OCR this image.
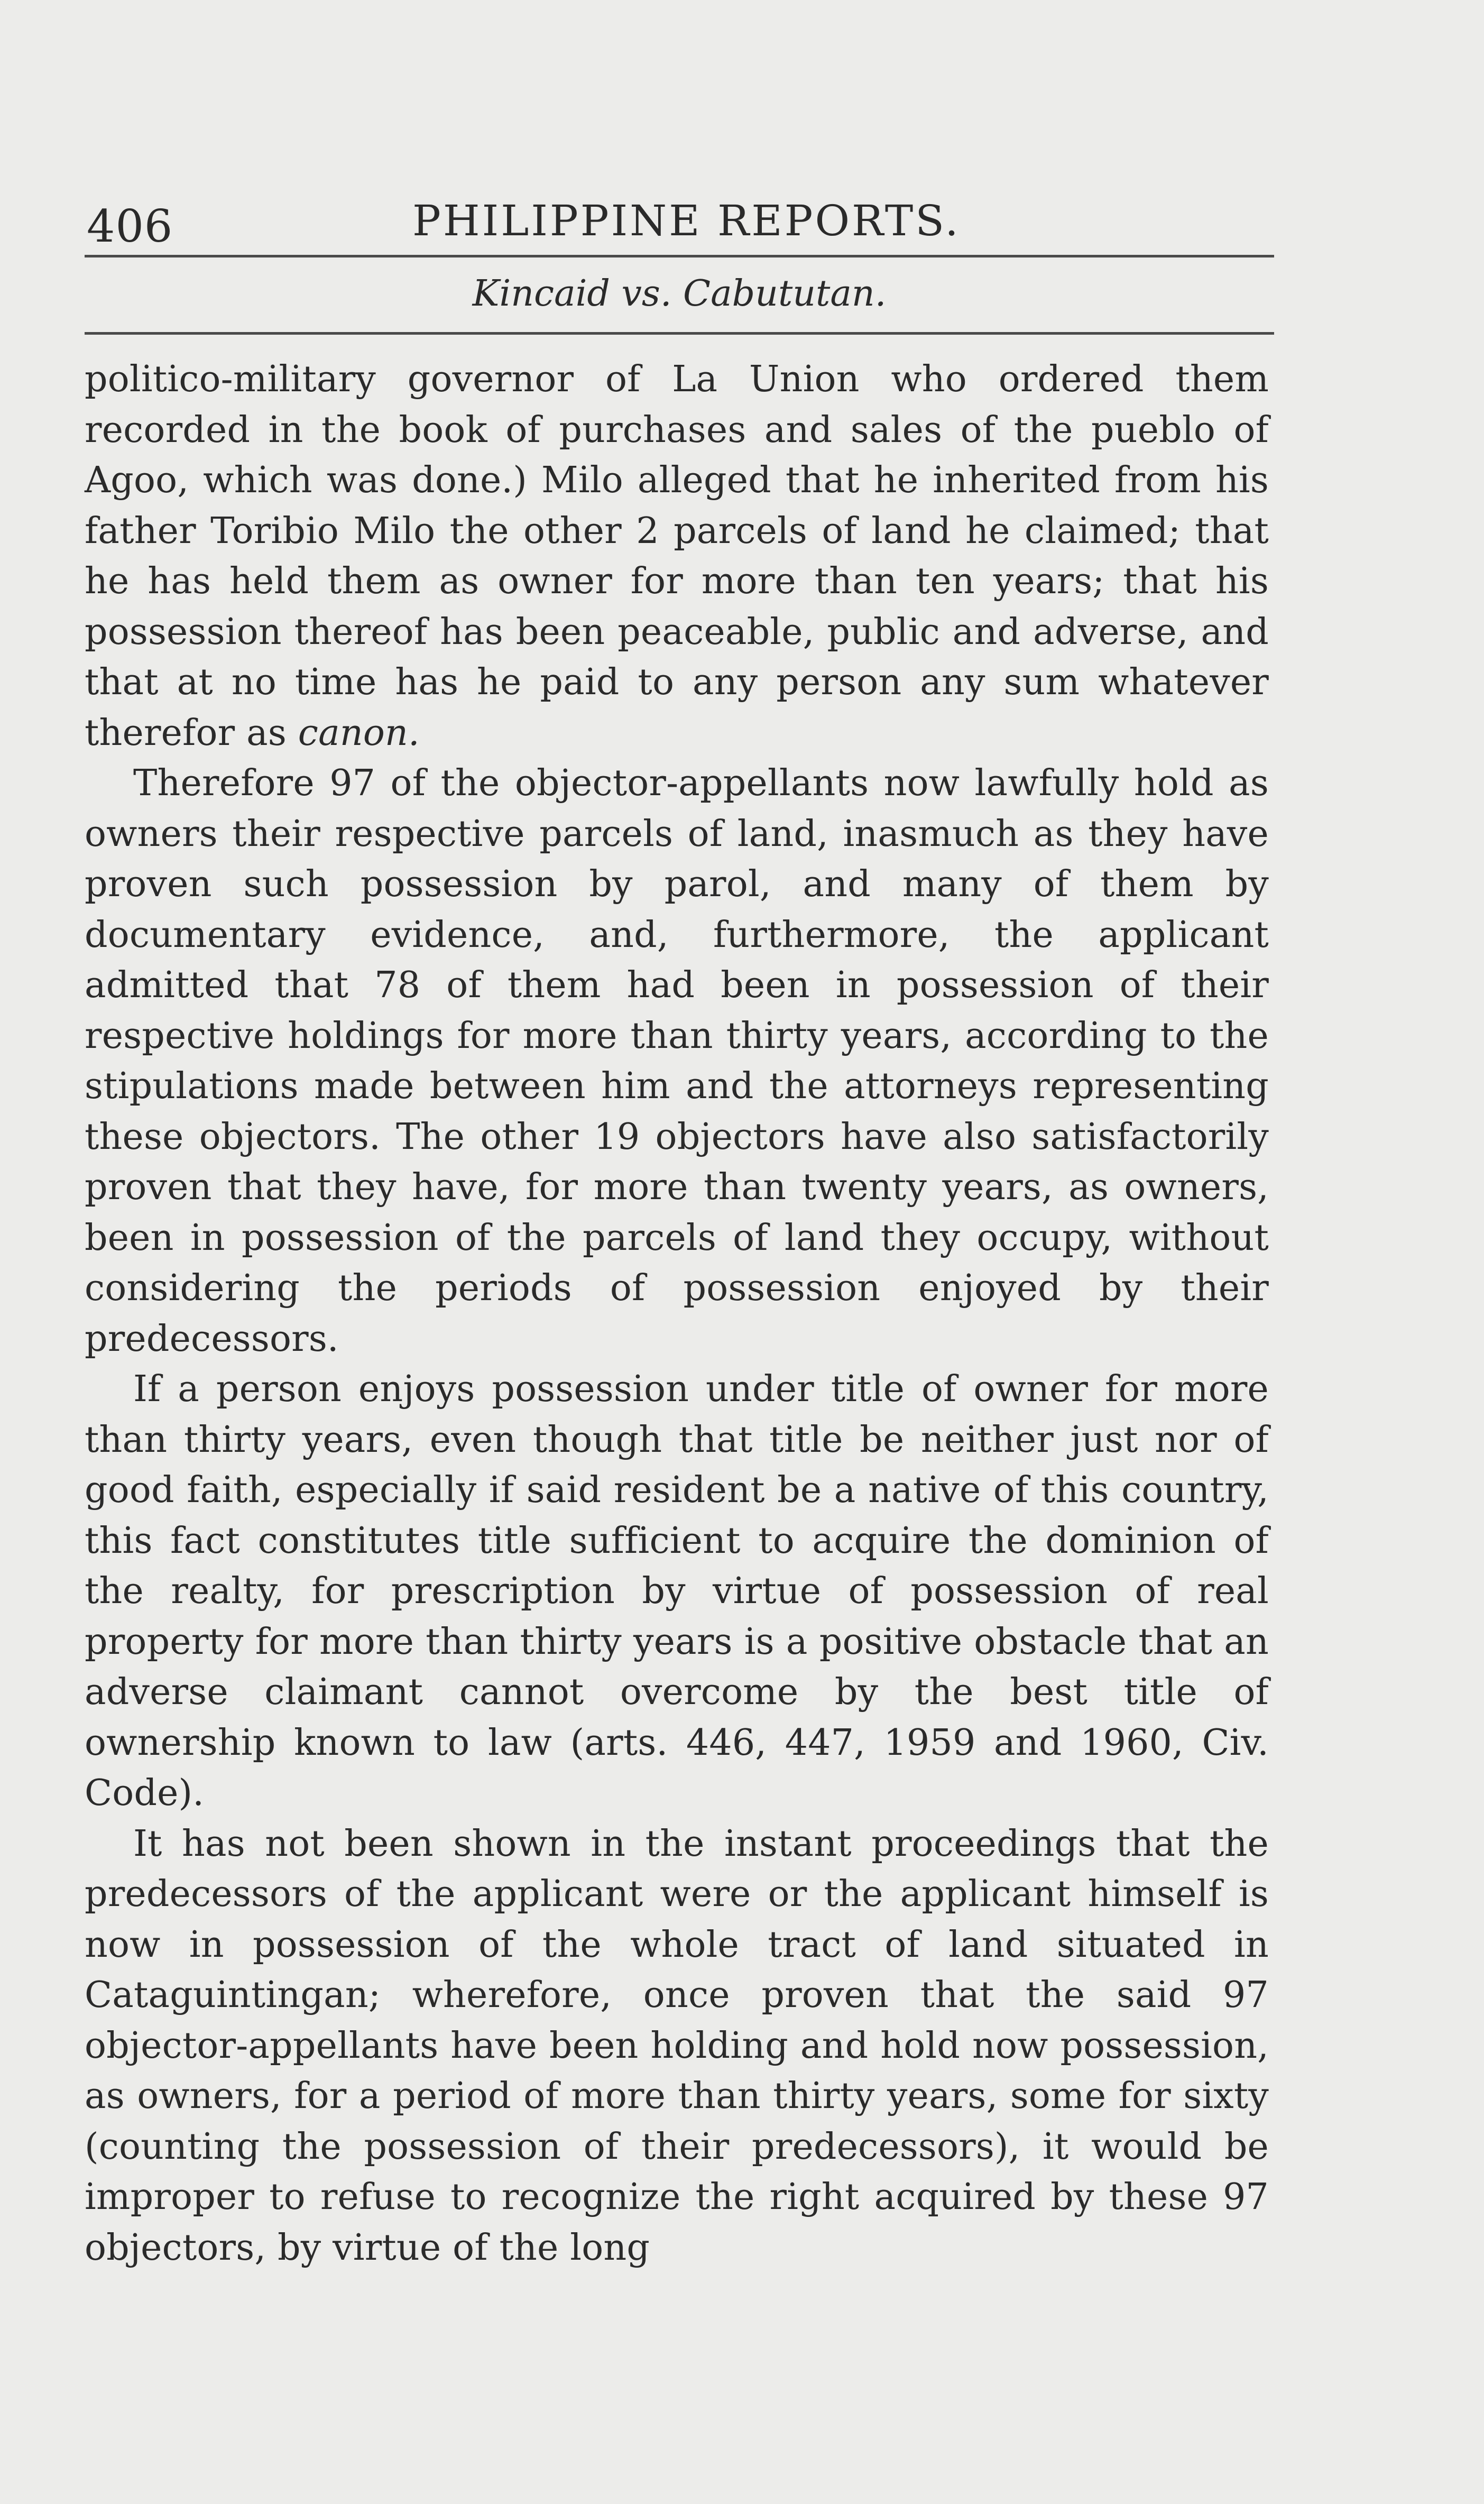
406	PHILIPPINE REPORTS.
Kincaid vs. Cabututan.

politico-military governor of La Union who ordered them recorded in the book of purchases and sales of the pueblo of Agoo, which was done.) Milo alleged that he inherited from his father Toribio Milo the other 2 parcels of land he claimed; that he has held them as owner for more than ten years; that his possession thereof has been peaceable, public and adverse, and that at no time has he paid to any person any sum whatever therefor as canon.

Therefore 97 of the objector-appellants now lawfully hold as owners their respective parcels of land, inasmuch as they have proven such possession by parol, and many of them by documentary evidence, and, furthermore, the applicant admitted that 78 of them had been in possession of their respective holdings for more than thirty years, according to the stipulations made between him and the attorneys representing these objectors. The other 19 objectors have also satisfactorily proven that they have, for more than twenty years, as owners, been in possession of the parcels of land they occupy, without considering the periods of possession enjoyed by their predecessors.

If a person enjoys possession under title of owner for more than thirty years, even though that title be neither just nor of good faith, especially if said resident be a native of this country, this fact constitutes title sufficient to acquire the dominion of the realty, for prescription by virtue of possession of real property for more than thirty years is a positive obstacle that an adverse claimant cannot overcome by the best title of ownership known to law (arts. 446, 447, 1959 and 1960, Civ. Code).

It has not been shown in the instant proceedings that the predecessors of the applicant were or the applicant himself is now in possession of the whole tract of land situated in Cataguintingan; wherefore, once proven that the said 97 objector-appellants have been holding and hold now possession, as owners, for a period of more than thirty years, some for sixty (counting the possession of their predecessors), it would be improper to refuse to recognize the right acquired by these 97 objectors, by virtue of the long
